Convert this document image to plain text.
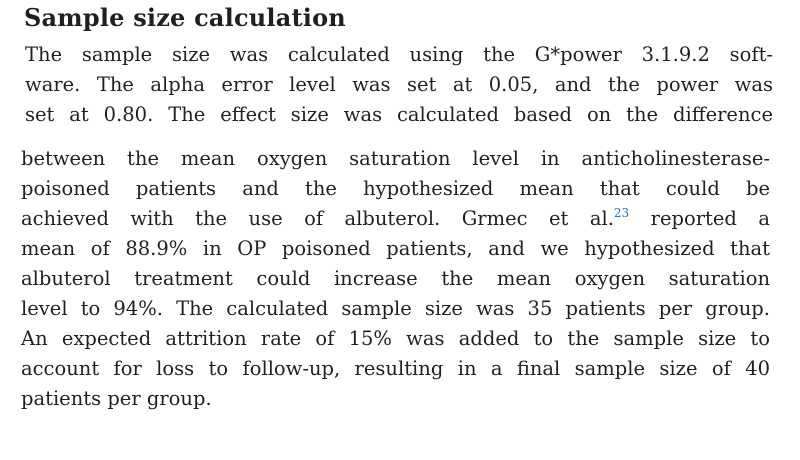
Sample size calculation
The sample size was calculated using the G*power 3.1.9.2 soft-
ware. The alpha error level was set at 0.05, and the power was
set at 0.80. The effect size was calculated based on the difference
between the mean oxygen saturation level in anticholinesterase-
poisoned patients and the hypothesized mean that could be
achieved with the use of albuterol. Grmec et al.$^{23}$ reported a
mean of 88.9% in OP poisoned patients, and we hypothesized that
albuterol treatment could increase the mean oxygen saturation
level to 94%. The calculated sample size was 35 patients per group.
An expected attrition rate of 15% was added to the sample size to
account for loss to follow-up, resulting in a final sample size of 40
patients per group.
